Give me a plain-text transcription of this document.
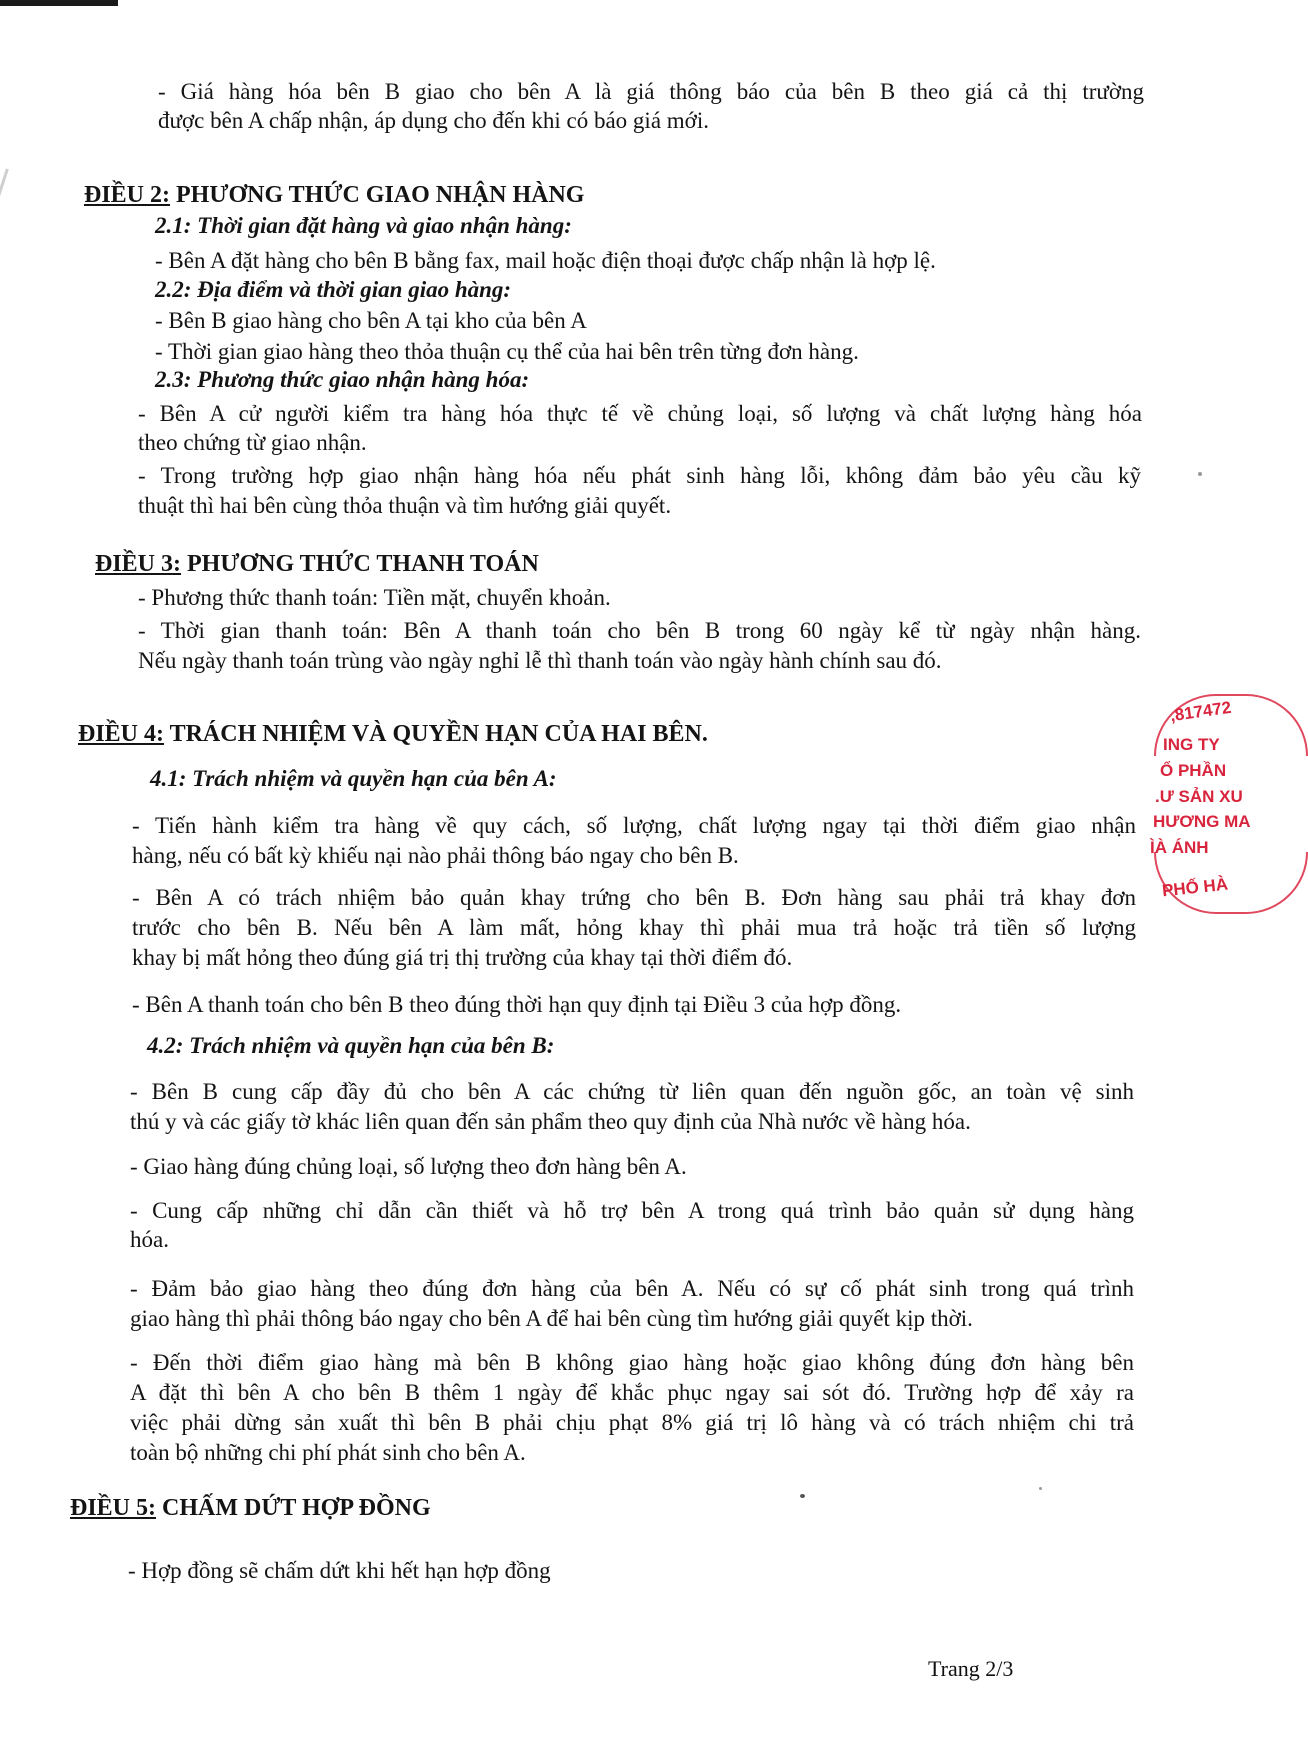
- Giá hàng hóa bên B giao cho bên A là giá thông báo của bên B theo giá cả thị trường

được bên A chấp nhận, áp dụng cho đến khi có báo giá mới.

ĐIỀU 2: PHƯƠNG THỨC GIAO NHẬN HÀNG

2.1: Thời gian đặt hàng và giao nhận hàng:

- Bên A đặt hàng cho bên B bằng fax, mail hoặc điện thoại được chấp nhận là hợp lệ.

2.2: Địa điểm và thời gian giao hàng:

- Bên B giao hàng cho bên A tại kho của bên A

- Thời gian giao hàng theo thỏa thuận cụ thể của hai bên trên từng đơn hàng.

2.3: Phương thức giao nhận hàng hóa:

- Bên A cử người kiểm tra hàng hóa thực tế về chủng loại, số lượng và chất lượng hàng hóa

theo chứng từ giao nhận.

- Trong trường hợp giao nhận hàng hóa nếu phát sinh hàng lỗi, không đảm bảo yêu cầu kỹ

thuật thì hai bên cùng thỏa thuận và tìm hướng giải quyết.

ĐIỀU 3: PHƯƠNG THỨC THANH TOÁN

- Phương thức thanh toán: Tiền mặt, chuyển khoản.

- Thời gian thanh toán: Bên A thanh toán cho bên B trong 60 ngày kể từ ngày nhận hàng.

Nếu ngày thanh toán trùng vào ngày nghỉ lễ thì thanh toán vào ngày hành chính sau đó.

ĐIỀU 4: TRÁCH NHIỆM VÀ QUYỀN HẠN CỦA HAI BÊN.

4.1: Trách nhiệm và quyền hạn của bên A:

- Tiến hành kiểm tra hàng về quy cách, số lượng, chất lượng ngay tại thời điểm giao nhận

hàng, nếu có bất kỳ khiếu nại nào phải thông báo ngay cho bên B.

- Bên A có trách nhiệm bảo quản khay trứng cho bên B. Đơn hàng sau phải trả khay đơn

trước cho bên B. Nếu bên A làm mất, hỏng khay thì phải mua trả hoặc trả tiền số lượng

khay bị mất hỏng theo đúng giá trị thị trường của khay tại thời điểm đó.

- Bên A thanh toán cho bên B theo đúng thời hạn quy định tại Điều 3 của hợp đồng.

4.2: Trách nhiệm và quyền hạn của bên B:

- Bên B cung cấp đầy đủ cho bên A các chứng từ liên quan đến nguồn gốc, an toàn vệ sinh

thú y và các giấy tờ khác liên quan đến sản phẩm theo quy định của Nhà nước về hàng hóa.

- Giao hàng đúng chủng loại, số lượng theo đơn hàng bên A.

- Cung cấp những chỉ dẫn cần thiết và hỗ trợ bên A trong quá trình bảo quản sử dụng hàng

hóa.

- Đảm bảo giao hàng theo đúng đơn hàng của bên A. Nếu có sự cố phát sinh trong quá trình

giao hàng thì phải thông báo ngay cho bên A để hai bên cùng tìm hướng giải quyết kịp thời.

- Đến thời điểm giao hàng mà bên B không giao hàng hoặc giao không đúng đơn hàng bên

A đặt thì bên A cho bên B thêm 1 ngày để khắc phục ngay sai sót đó. Trường hợp để xảy ra

việc phải dừng sản xuất thì bên B phải chịu phạt 8% giá trị lô hàng và có trách nhiệm chi trả

toàn bộ những chi phí phát sinh cho bên A.

ĐIỀU 5: CHẤM DỨT HỢP ĐỒNG

- Hợp đồng sẽ chấm dứt khi hết hạn hợp đồng

,817472
ING TY
Ổ PHẦN
.Ư SẢN XU
HƯƠNG MA
ÌÀ ÁNH
PHỐ HÀ
Trang 2/3
